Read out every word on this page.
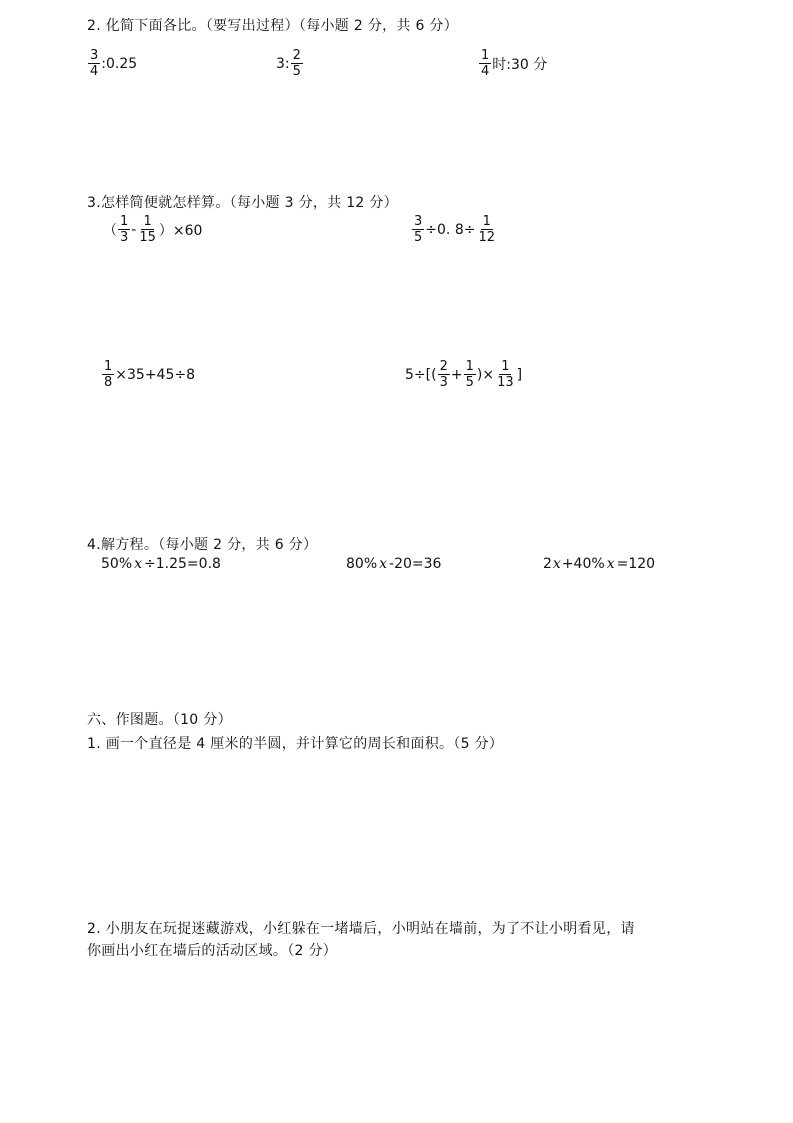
2. 化简下面各比。（要写出过程）（每小题 2 分，共 6 分）
$\frac{3}{4}$ :0.25	3: $\frac{2}{5}$	$\frac{1}{4}$ 时:30 分
3.怎样简便就怎样算。（每小题 3 分，共 12 分）
（ $\frac{1}{3} - \frac{1}{15} )\times 60$	$\frac{3}{5} \div 0$. $8\div \frac{1}{12}$
$\frac{1}{8} \times 35+45\div 8$	$5\div[( \frac{2}{3} + \frac{1}{5}$ )× $\frac{1}{13}$ ]
4.解方程。（每小题 2 分，共 6 分）
50% x ÷1.25=0.8	80% x -20=36	2 x +40% x =120
六、作图题。（10 分）
1. 画一个直径是 4 厘米的半圆，并计算它的周长和面积。（5 分）
2. 小朋友在玩捉迷藏游戏，小红躲在一堵墙后，小明站在墙前，为了不让小明看见，请
你画出小红在墙后的活动区域。（2 分）
